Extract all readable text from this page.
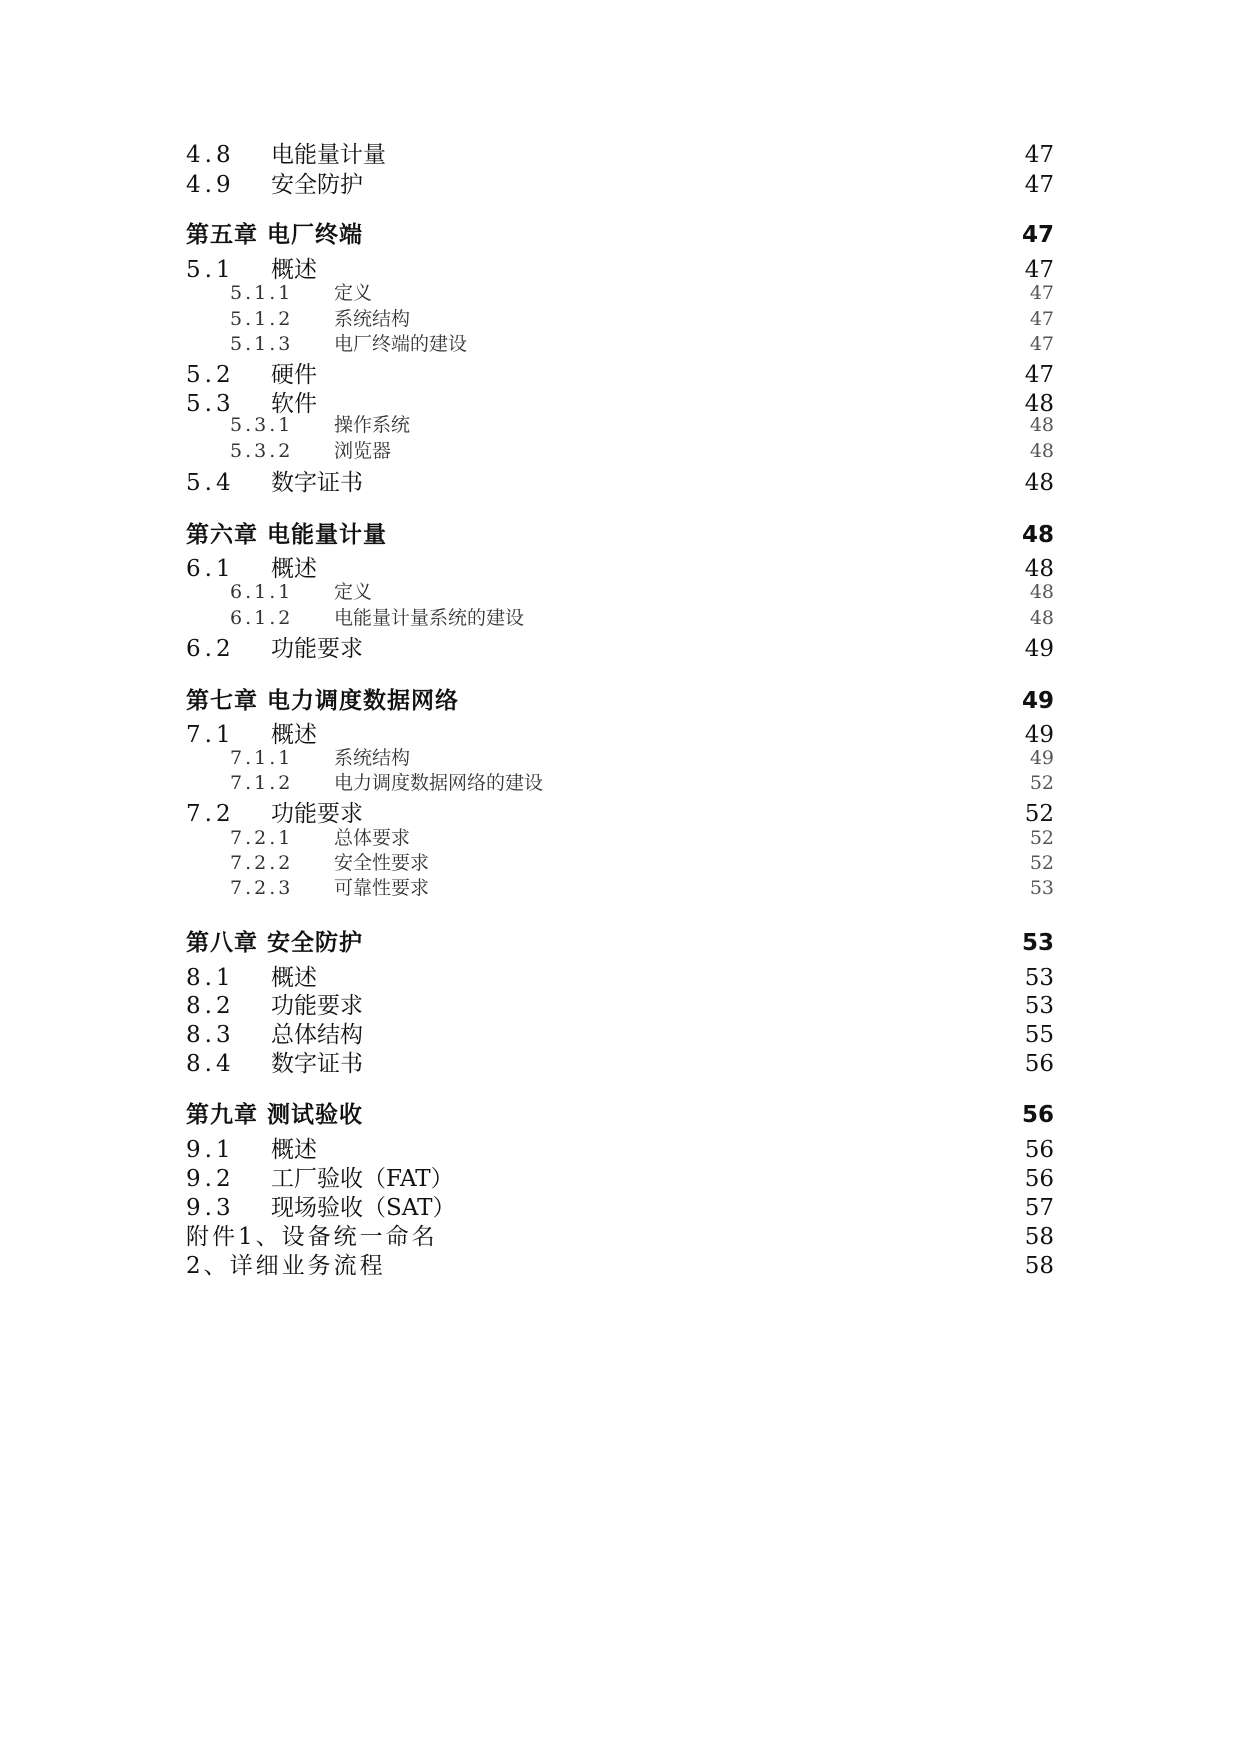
4.8	电能量计量	47
4.9	安全防护	47
第五章 电厂终端	47
5.1	概述	47
5.1.1	定义	47
5.1.2	系统结构	47
5.1.3	电厂终端的建设	47
5.2	硬件	47
5.3	软件	48
5.3.1	操作系统	48
5.3.2	浏览器	48
5.4	数字证书	48
第六章 电能量计量	48
6.1	概述	48
6.1.1	定义	48
6.1.2	电能量计量系统的建设	48
6.2	功能要求	49
第七章 电力调度数据网络	49
7.1	概述	49
7.1.1	系统结构	49
7.1.2	电力调度数据网络的建设	52
7.2	功能要求	52
7.2.1	总体要求	52
7.2.2	安全性要求	52
7.2.3	可靠性要求	53
第八章 安全防护	53
8.1	概述	53
8.2	功能要求	53
8.3	总体结构	55
8.4	数字证书	56
第九章 测试验收	56
9.1	概述	56
9.2	工厂验收（FAT）	56
9.3	现场验收（SAT）	57
附件1、设备统一命名	58
2、详细业务流程	58
